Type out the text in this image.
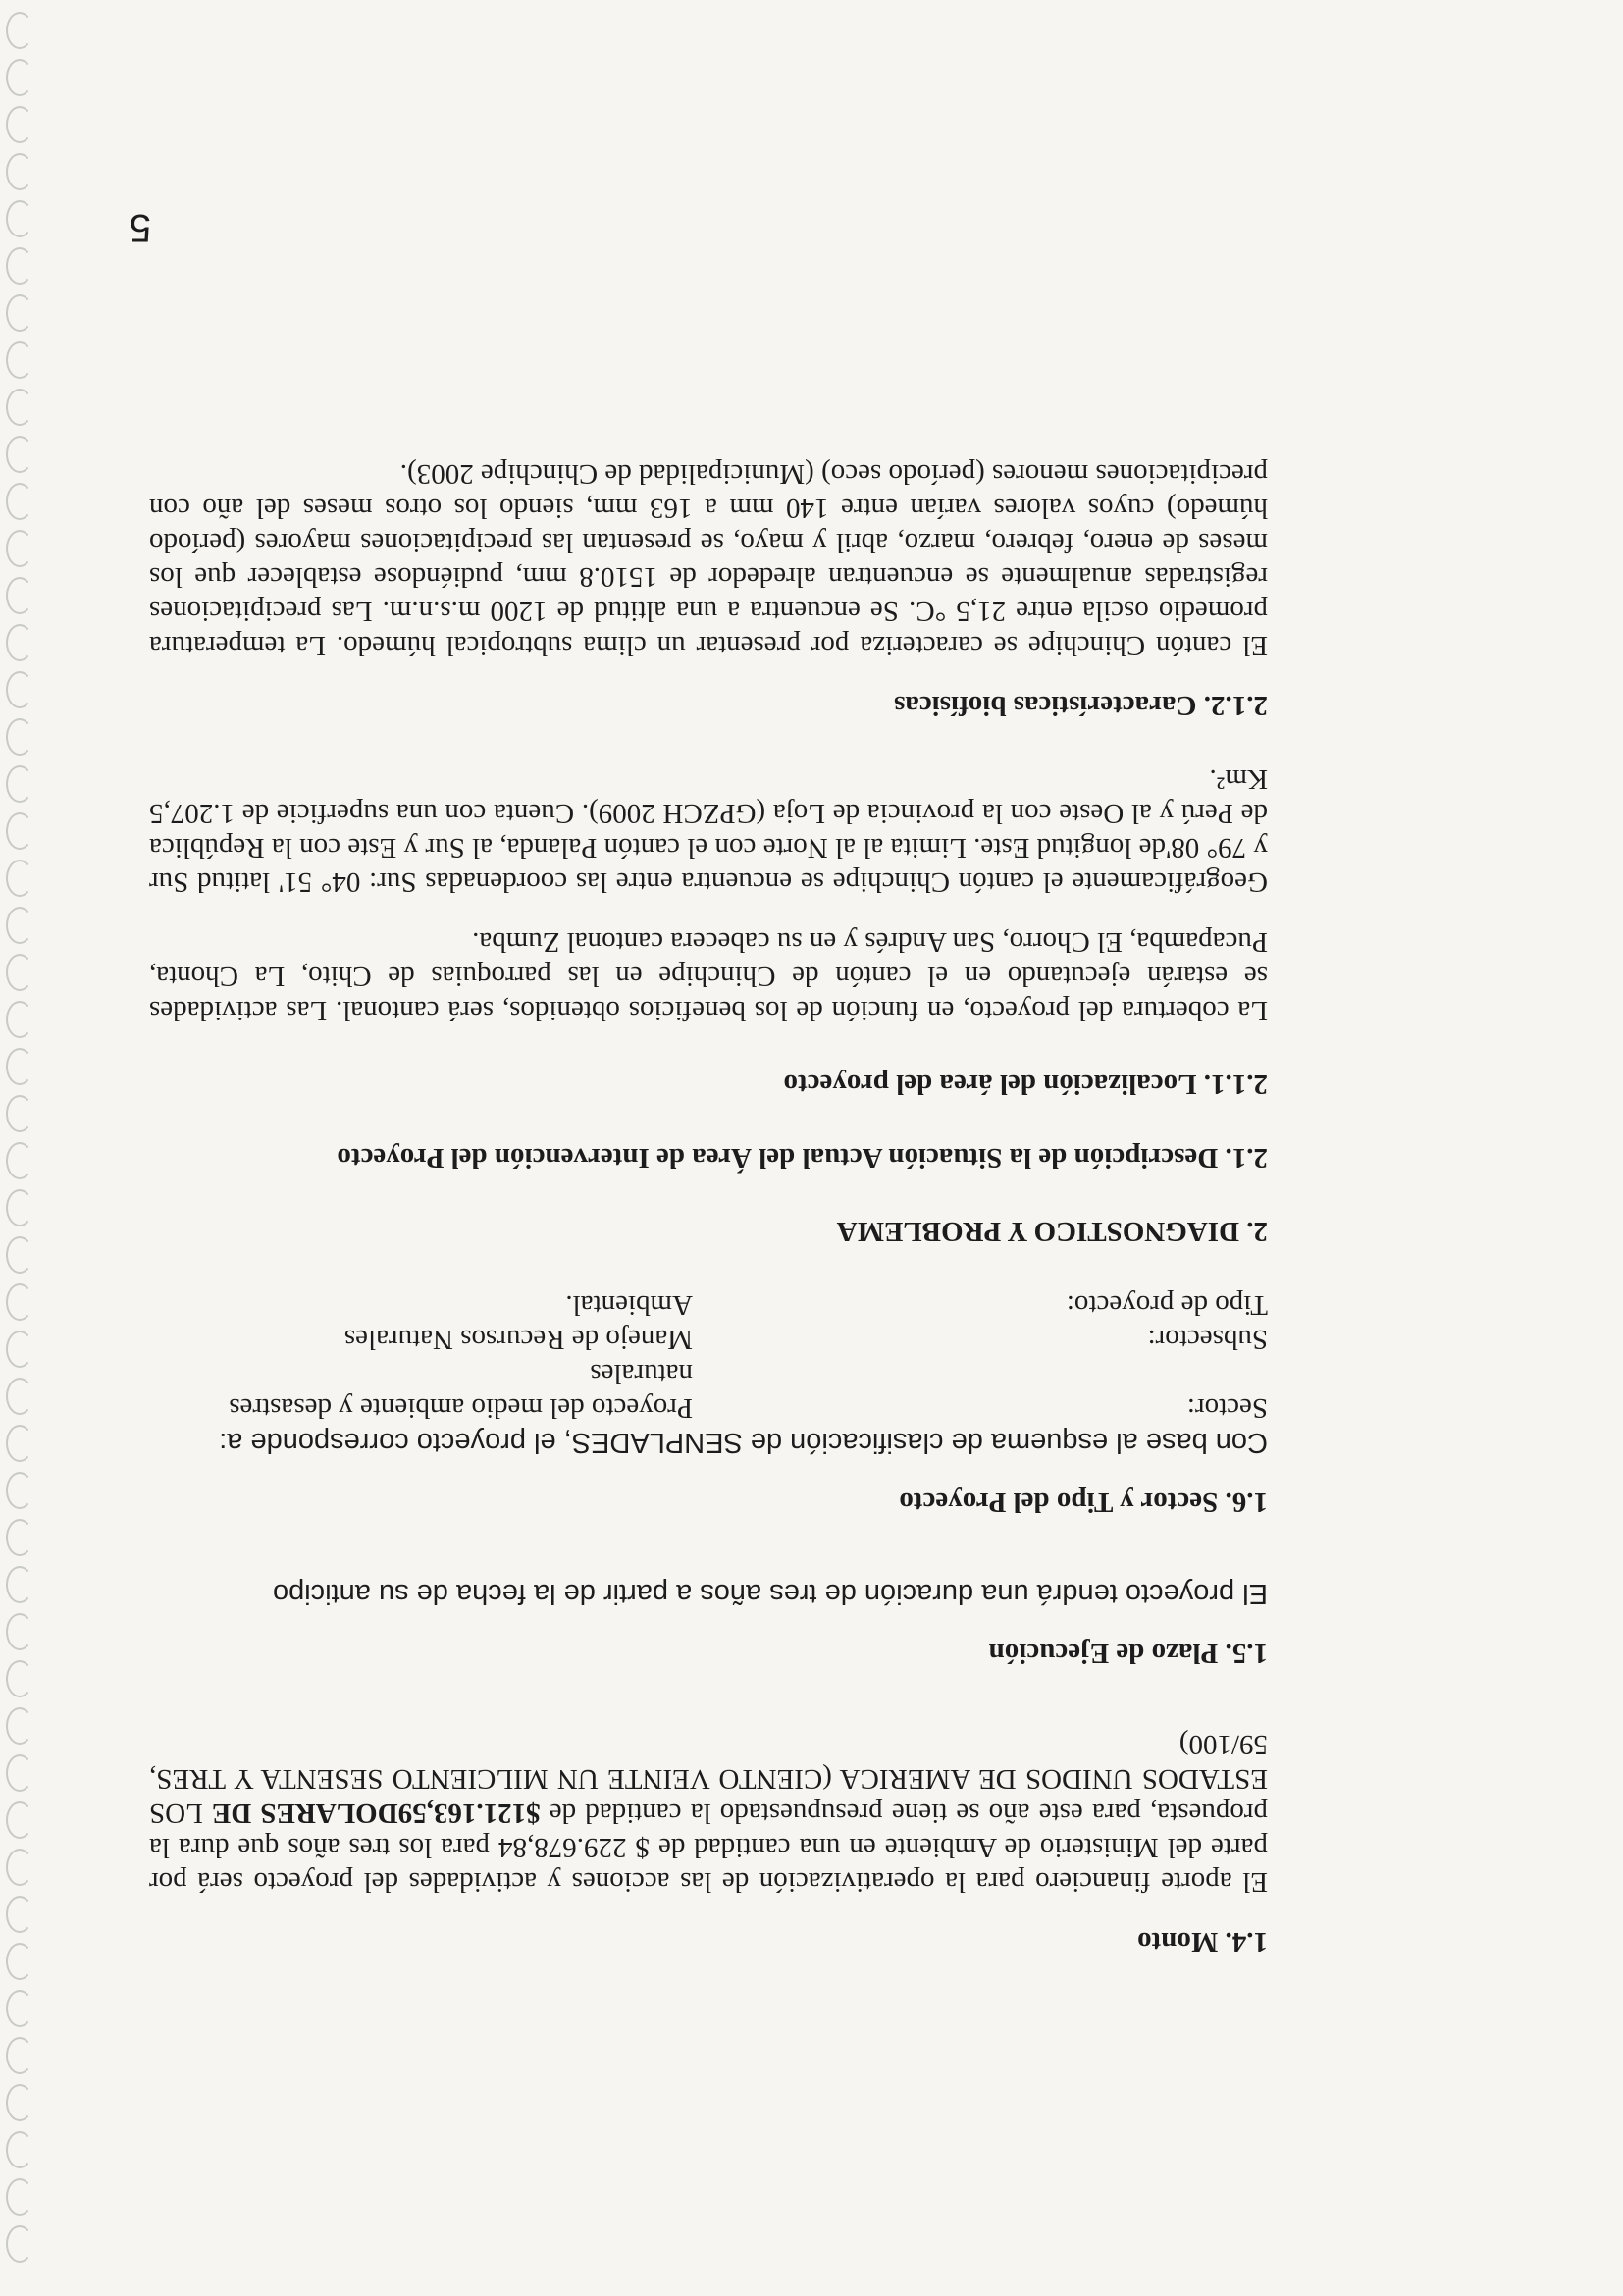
1.4. Monto

El aporte financiero para la operativización de las acciones y actividades del proyecto será por parte del Ministerio de Ambiente en una cantidad de $ 229.678,84 para los tres años que dura la propuesta, para este año se tiene presupuestado la cantidad de $121.163,59DOLARES DE LOS ESTADOS UNIDOS DE AMERICA (CIENTO VEINTE UN MILCIENTO SESENTA Y TRES, 59/100)

1.5. Plazo de Ejecución

El proyecto tendrá una duración de tres años a partir de la fecha de su anticipo

1.6. Sector y Tipo del Proyecto

Con base al esquema de clasificación de SENPLADES, el proyecto corresponde a:

Sector:
Proyecto del medio ambiente y desastres naturales
Subsector:
Manejo de Recursos Naturales
Tipo de proyecto:
Ambiental.

2. DIAGNOSTICO Y PROBLEMA

2.1. Descripción de la Situación Actual del Área de Intervención del Proyecto

2.1.1. Localización del área del proyecto

La cobertura del proyecto, en función de los beneficios obtenidos, será cantonal. Las actividades se estarán ejecutando en el cantón de Chinchipe en las parroquias de Chito, La Chonta, Pucapamba, El Chorro, San Andrés y en su cabecera cantonal Zumba.

Geográficamente el cantón Chinchipe se encuentra entre las coordenadas Sur: 04° 51' latitud Sur y 79° 08'de longitud Este. Limita al al Norte con el cantón Palanda, al Sur y Este con la República de Perú y al Oeste con la provincia de Loja (GPZCH 2009). Cuenta con una superficie de 1.207,5 Km².

2.1.2. Características biofísicas

El cantón Chinchipe se caracteriza por presentar un clima subtropical húmedo. La temperatura promedio oscila entre 21,5 °C. Se encuentra a una altitud de 1200 m.s.n.m. Las precipitaciones registradas anualmente se encuentran alrededor de 1510.8 mm, pudiéndose establecer que los meses de enero, febrero, marzo, abril y mayo, se presentan las precipitaciones mayores (período húmedo) cuyos valores varían entre 140 mm a 163 mm, siendo los otros meses del año con precipitaciones menores (período seco) (Municipalidad de Chinchipe 2003).

5
